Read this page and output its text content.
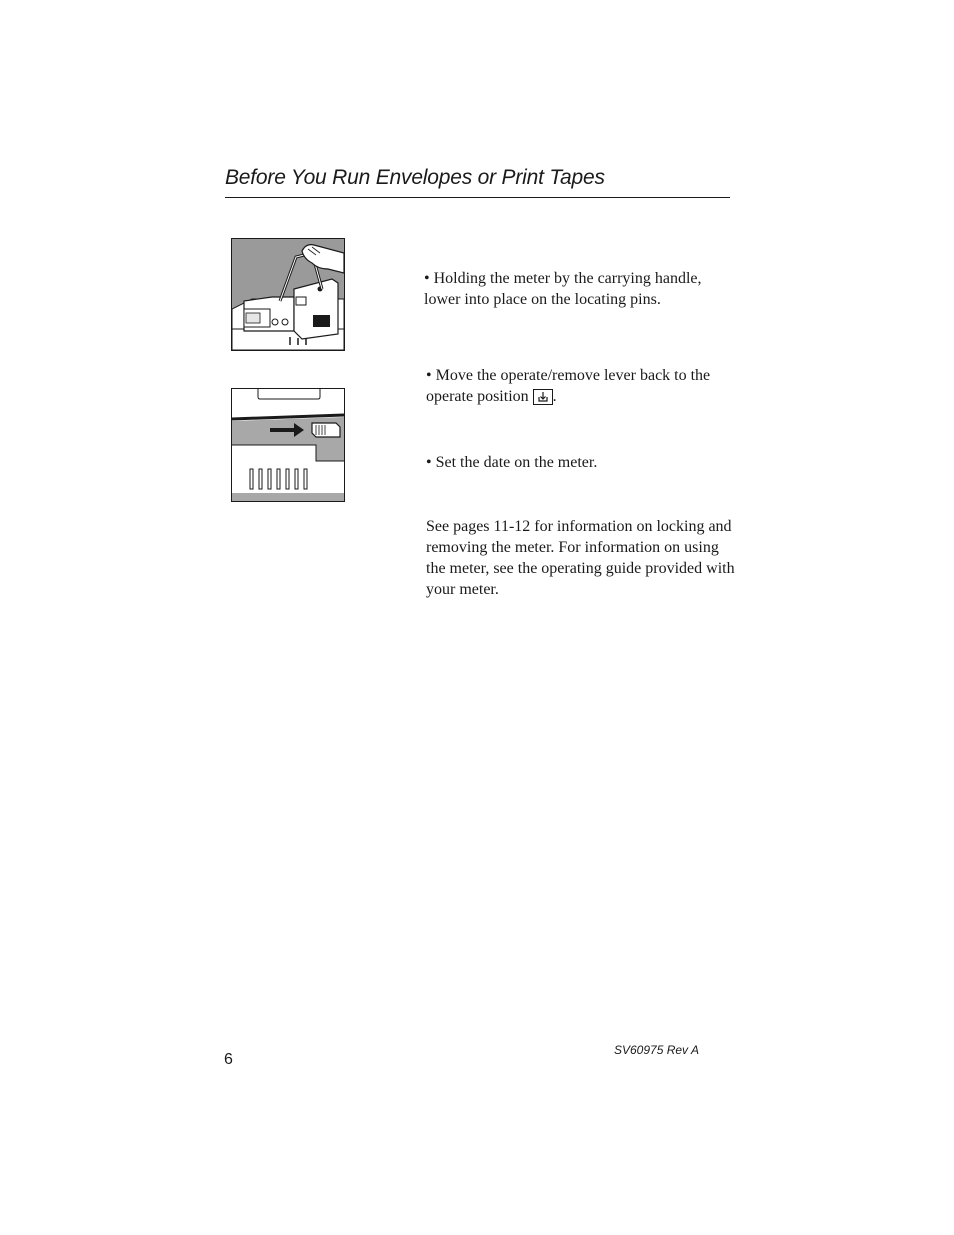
Before You Run Envelopes or Print Tapes

• Holding the meter by the carrying handle, lower into place on the locating pins.

• Move the operate/remove lever back to the operate position .

• Set the date on the meter.

See pages 11-12 for information on locking and removing the meter. For information on using the meter, see the operating guide provided with your meter.

6
SV60975 Rev A
